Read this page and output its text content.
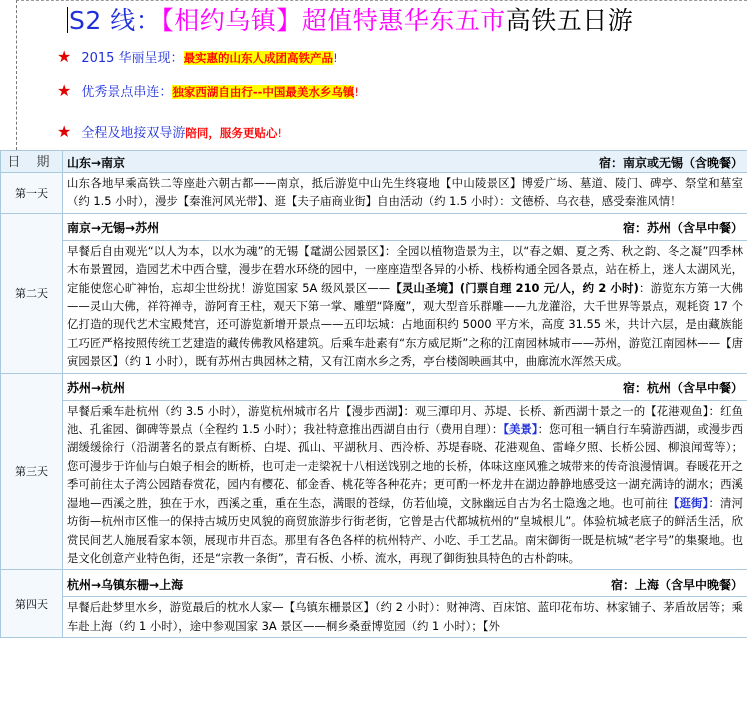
S2 线：【相约乌镇】超值特惠华东五市高铁五日游
★ 2015 华丽呈现：最实惠的山东人成团高铁产品!
★ 优秀景点串连：独家西湖自由行--中国最美水乡乌镇!
★ 全程及地接双导游陪同，服务更贴心!
日 期	山东→南京 宿：南京或无锡（含晚餐）

第一天	山东各地早乘高铁二等座赴六朝古都——南京，抵后游览中山先生终寝地【中山陵景区】博爱广场、墓道、陵门、碑亭、祭堂和墓室（约 1.5 小时），漫步【秦淮河风光带】、逛【夫子庙商业街】自由活动（约 1.5 小时）：文德桥、乌衣巷，感受秦淮风情！

第二天	南京→无锡→苏州 宿：苏州（含早中餐）

	早餐后自由观光“以人为本，以水为魂”的无锡【鼋湖公园景区】：全园以植物造景为主，以“春之媚、夏之秀、秋之韵、冬之凝”四季林木布景置园，造园艺术中西合璧，漫步在碧水环绕的园中，一座座造型各异的小桥、栈桥构通全园各景点，站在桥上，迷人太湖风光，定能使您心旷神怡，忘却尘世纷扰！游览国家 5A 级风景区——【灵山圣境】(门票自理 210 元/人，约 2 小时)：游览东方第一大佛——灵山大佛，祥符禅寺，游阿育王柱，观天下第一掌、雕塑“降魔”，观大型音乐群雕——九龙灌浴，大千世界等景点，观耗资 17 个亿打造的现代艺术宝殿梵宫，还可游览新增开景点——五印坛城：占地面积约 5000 平方米，高度 31.55 米，共计六层，是由藏族能工巧匠严格按照传统工艺建造的藏传佛教风格建筑。后乘车赴素有“东方威尼斯”之称的江南园林城市——苏州，游览江南园林——【唐寅园景区】（约 1 小时），既有苏州古典园林之精，又有江南水乡之秀，亭台楼阁映画其中，曲廊流水浑然天成。

第三天	苏州→杭州 宿：杭州（含早中餐）

	早餐后乘车赴杭州（约 3.5 小时），游览杭州城市名片【漫步西湖】：观三潭印月、苏堤、长桥、新西湖十景之一的【花港观鱼】：红鱼池、孔雀园、御碑等景点（全程约 1.5 小时）；我社特意推出西湖自由行（费用自理）：【美景】：您可租一辆自行车骑游西湖，或漫步西湖缓缓徐行（沿湖著名的景点有断桥、白堤、孤山、平湖秋月、西泠桥、苏堤春晓、花港观鱼、雷峰夕照、长桥公园、柳浪闻莺等）；您可漫步于许仙与白娘子相会的断桥，也可走一走梁祝十八相送饯别之地的长桥，体味这座风雅之城带来的传奇浪漫情调。春暖花开之季可前往太子湾公园踏春赏花，园内有樱花、郁金香、桃花等各种花卉；更可酌一杯龙井在湖边静静地感受这一湖充满诗的湖水；西溪湿地—西溪之胜，独在于水，西溪之重，重在生态，满眼的苍绿，仿若仙境，文脉幽远自古为名士隐逸之地。也可前往【逛街】：清河坊街—杭州市区惟一的保持古城历史风貌的商贸旅游步行街老街，它曾是古代都城杭州的“皇城根儿”。体验杭城老底子的鲜活生活，欣赏民间艺人施展看家本领，展现市井百态。那里有各色各样的杭州特产、小吃、手工艺品。南宋御街一既是杭城“老字号”的集聚地。也是文化创意产业特色街，还是“宗教一条街”，青石板、小桥、流水，再现了御街独具特色的古朴韵味。

第四天	杭州→乌镇东栅→上海 宿：上海（含早中晚餐）

	早餐后赴梦里水乡，游览最后的枕水人家—【乌镇东栅景区】（约 2 小时）：财神湾、百床馆、蓝印花布坊、林家铺子、茅盾故居等；乘车赴上海（约 1 小时），途中参观国家 3A 景区——桐乡桑蚕博览园（约 1 小时）；【外
